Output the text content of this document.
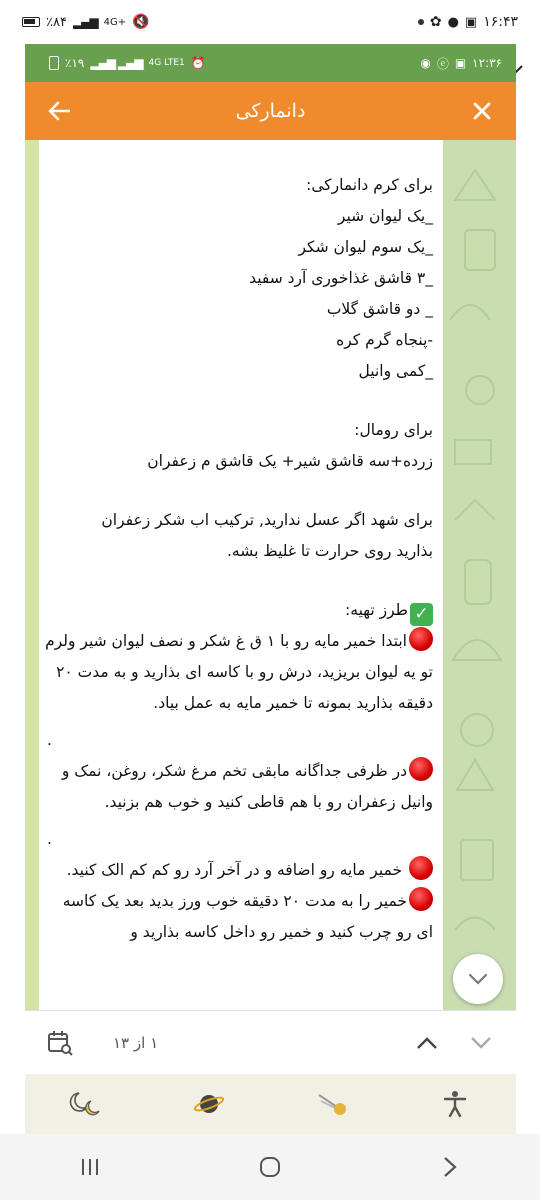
٪۸۴ ▂▄▆ 4G+ 🔇	✿ ● ▣ ۱۶:۴۳
٪۱۹ ▂▄▆ ▂▄▆ 4G LTE1 ⏰	◉ ⓔ ▣ ۱۲:۳۶
دانمارکی

برای کرم دانمارکی:

_یک لیوان شیر

_یک سوم لیوان شکر

_۳ قاشق غذاخوری آرد سفید

_ دو قاشق گلاب

-پنجاه گرم کره

_کمی وانیل

برای رومال:

زرده+سه قاشق شیر+ یک قاشق م زعفران

برای شهد اگر عسل ندارید, ترکیب اب شکر زعفران

بذارید روی حرارت تا غلیظ بشه.

✓طرز تهیه:

ابتدا خمیر مایه رو با ۱ ق غ شکر و نصف لیوان شیر ولرم تو یه لیوان بریزید، درش رو با کاسه ای بذارید و به مدت ۲۰ دقیقه بذارید بمونه تا خمیر مایه به عمل بیاد.

.

در ظرفی جداگانه مابقی تخم مرغ شکر، روغن، نمک و وانیل زعفران رو با هم قاطی کنید و خوب هم بزنید.

.

خمیر مایه رو اضافه و در آخر آرد رو کم کم الک کنید.

خمیر را به مدت ۲۰ دقیقه خوب ورز بدید بعد یک کاسه ای رو چرب کنید و خمیر رو داخل کاسه بذارید و

۱ از ۱۳
